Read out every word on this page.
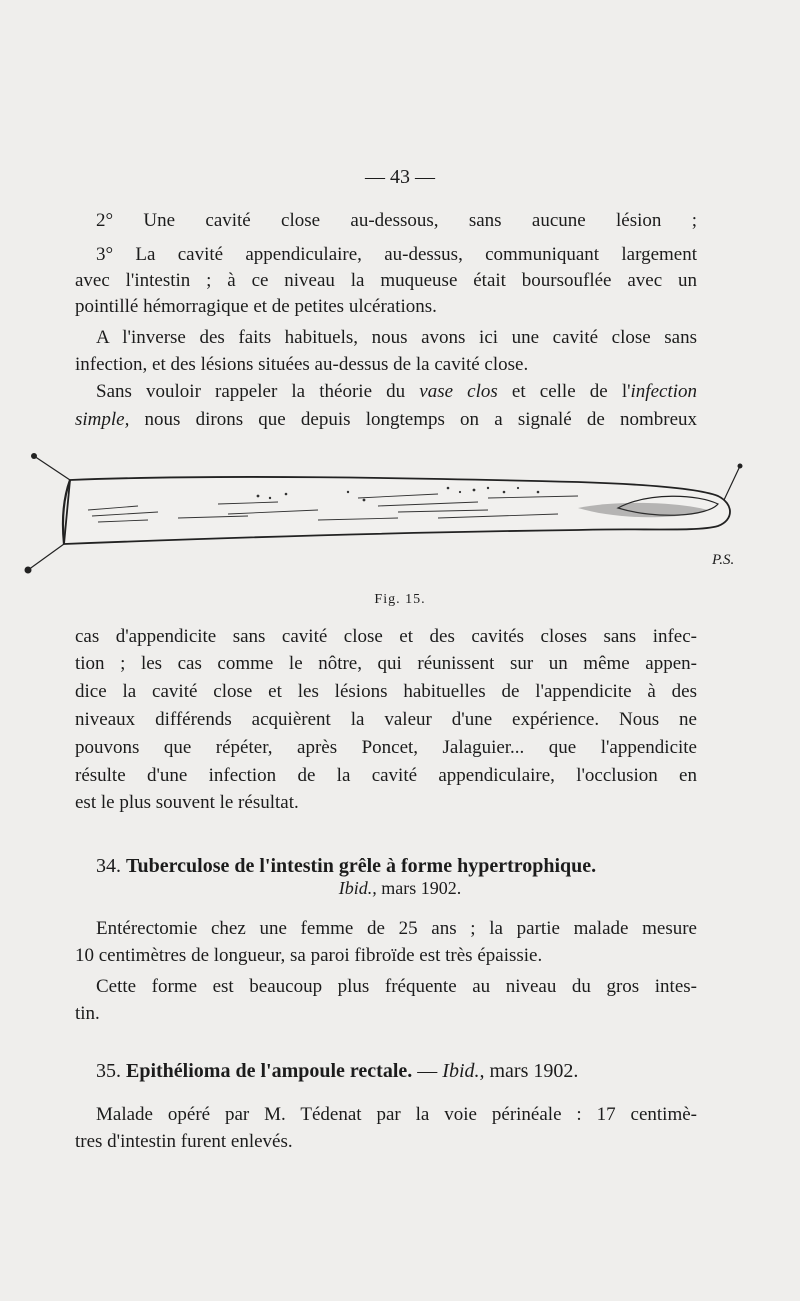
— 43 —
2° Une cavité close au-dessous, sans aucune lésion ;
3° La cavité appendiculaire, au-dessus, communiquant largement
avec l'intestin ; à ce niveau la muqueuse était boursouflée avec un
pointillé hémorragique et de petites ulcérations.
A l'inverse des faits habituels, nous avons ici une cavité close sans
infection, et des lésions situées au-dessus de la cavité close.
Sans vouloir rappeler la théorie du vase clos et celle de l'infection
simple, nous dirons que depuis longtemps on a signalé de nombreux
P.S.
Fig. 15.
cas d'appendicite sans cavité close et des cavités closes sans infec-
tion ; les cas comme le nôtre, qui réunissent sur un même appen-
dice la cavité close et les lésions habituelles de l'appendicite à des
niveaux différends acquièrent la valeur d'une expérience. Nous ne
pouvons que répéter, après Poncet, Jalaguier... que l'appendicite
résulte d'une infection de la cavité appendiculaire, l'occlusion en
est le plus souvent le résultat.
34. Tuberculose de l'intestin grêle à forme hypertrophique.
Ibid., mars 1902.
Entérectomie chez une femme de 25 ans ; la partie malade mesure
10 centimètres de longueur, sa paroi fibroïde est très épaissie.
Cette forme est beaucoup plus fréquente au niveau du gros intes-
tin.
35. Epithélioma de l'ampoule rectale. — Ibid., mars 1902.
Malade opéré par M. Tédenat par la voie périnéale : 17 centimè-
tres d'intestin furent enlevés.
